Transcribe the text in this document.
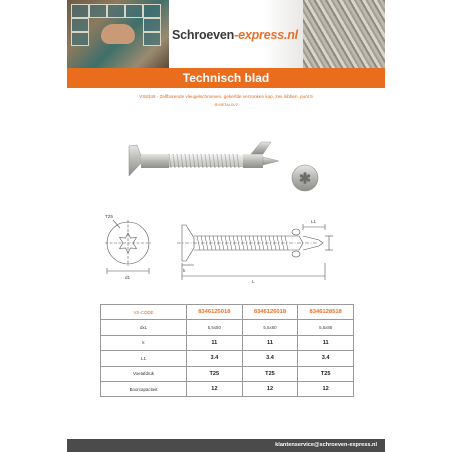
Schroeven-express.nl
Technisch blad
VS8346 - Zelfborende vleugelschroeven, gekerfde verzonken kop, zes lobben, punt 5
⊕ METALIX/2
T25
d1
k
L
L1
VS-CODE	8346125018	8346126018	8346128518
dxL	5,5x50	5,5x60	5,5x85
k	11	11	11
L1	3.4	3.4	3.4
Voetafdruk	T25	T25	T25
Boorcapaciteit	12	12	12
klantenservice@schroeven-express.nl
